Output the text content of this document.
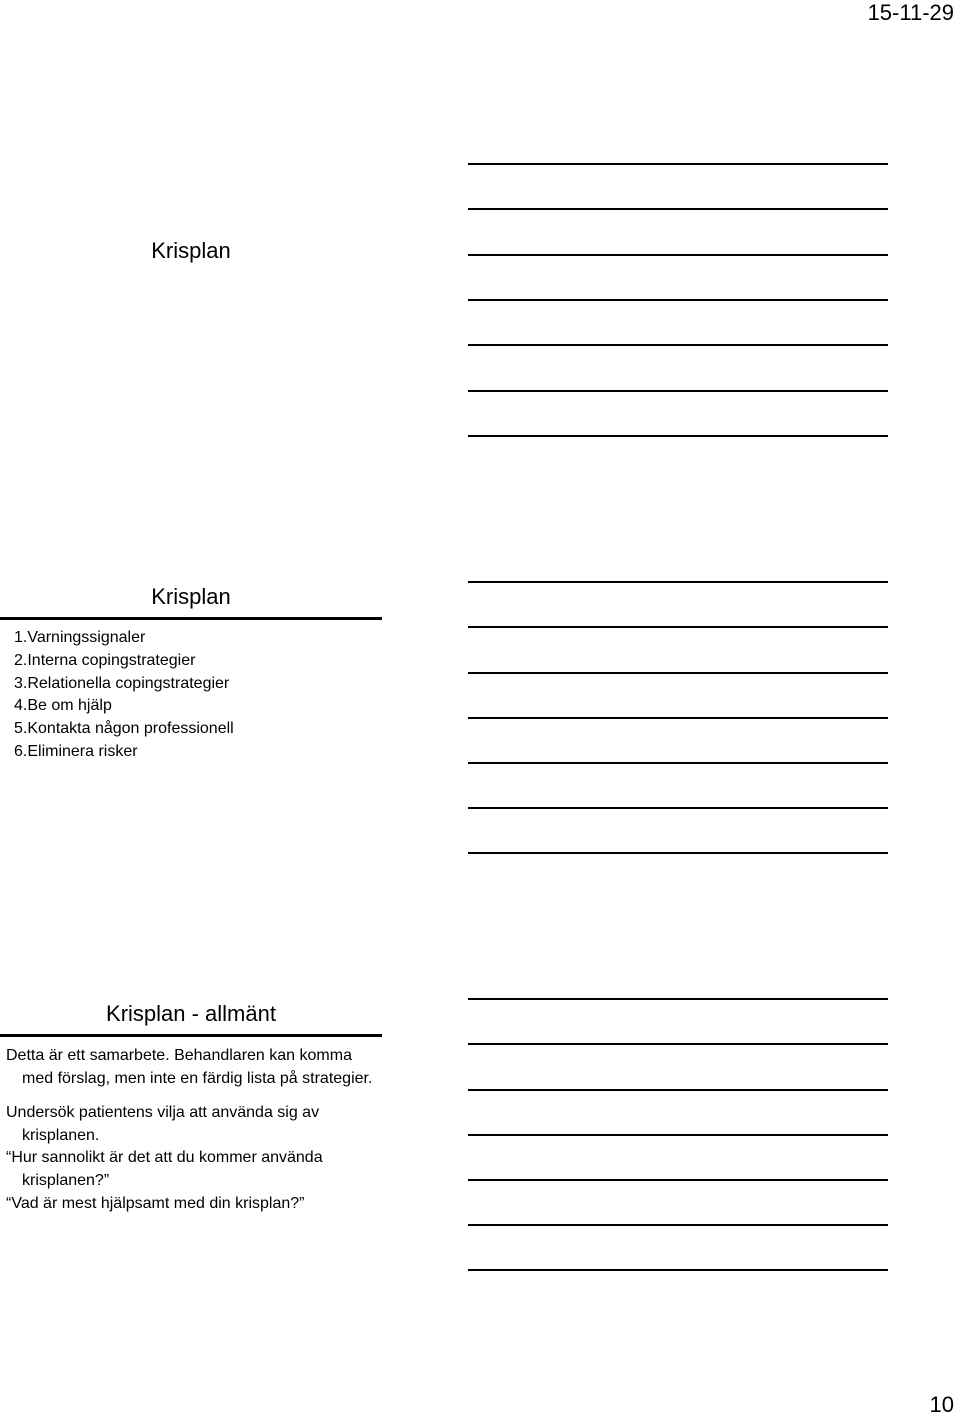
15-11-29
Krisplan
Krisplan
1.Varningssignaler
2.Interna copingstrategier
3.Relationella copingstrategier
4.Be om hjälp
5.Kontakta någon professionell
6.Eliminera risker
Krisplan - allmänt

Detta är ett samarbete. Behandlaren kan komma med förslag, men inte en färdig lista på strategier.

Undersök patientens vilja att använda sig av krisplanen.

“Hur sannolikt är det att du kommer använda krisplanen?”

“Vad är mest hjälpsamt med din krisplan?”

10
